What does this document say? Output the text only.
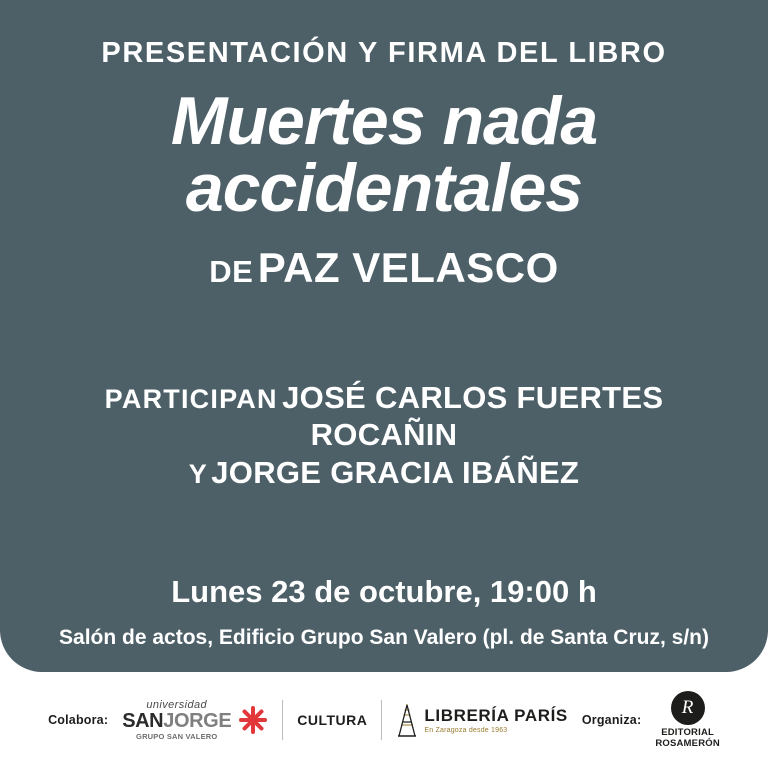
PRESENTACIÓN Y FIRMA DEL LIBRO
Muertes nada
accidentales
DE PAZ VELASCO
PARTICIPAN JOSÉ CARLOS FUERTES ROCAÑIN
Y JORGE GRACIA IBÁÑEZ
Lunes 23 de octubre, 19:00 h
Salón de actos, Edificio Grupo San Valero (pl. de Santa Cruz, s/n)
Colabora:
universidad
SANJORGE
GRUPO SAN VALERO
CULTURA	LIBRERÍA PARÍS
En Zaragoza desde 1963
Organiza:
R
EDITORIAL
ROSAMERÓN
